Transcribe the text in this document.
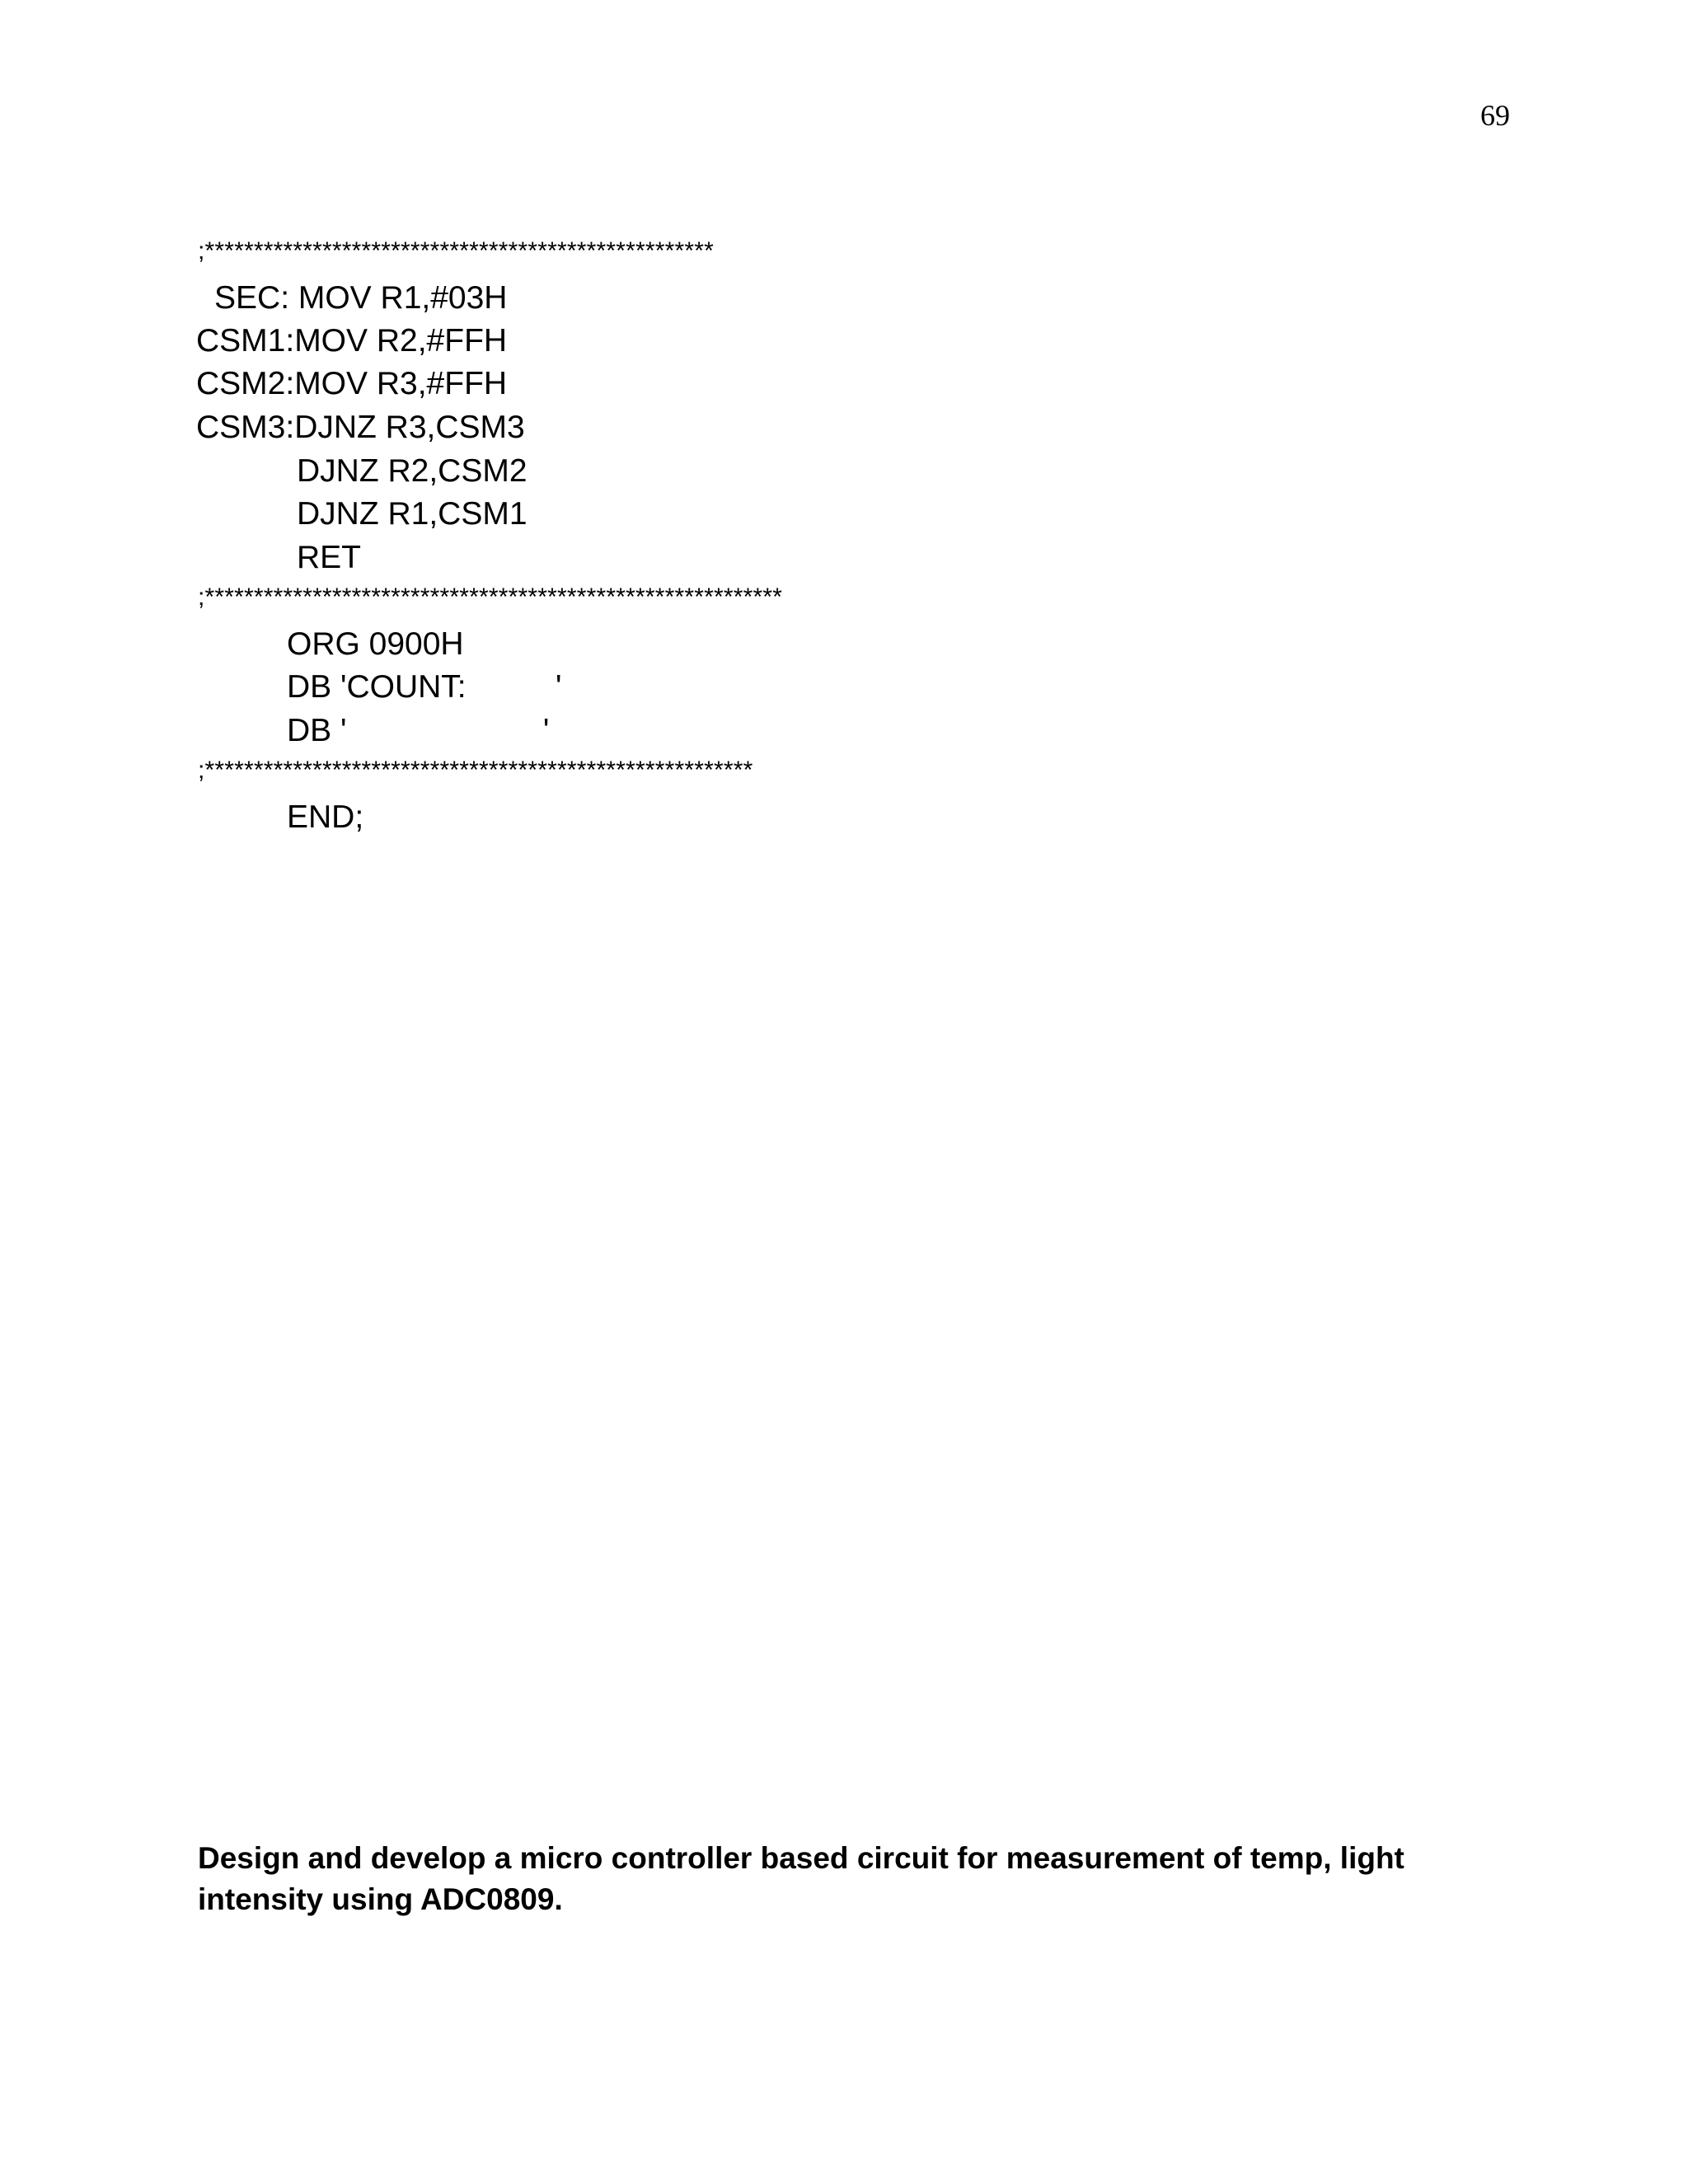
69
;****************************************************
SEC: MOV R1,#03H
CSM1:MOV R2,#FFH
CSM2:MOV R3,#FFH
CSM3:DJNZ R3,CSM3
DJNZ R2,CSM2
DJNZ R1,CSM1
RET
;***********************************************************
ORG 0900H
DB 'COUNT:          '
DB '                      '
;********************************************************
END;
Design and develop a micro controller based circuit for measurement of temp, light
intensity using ADC0809.
